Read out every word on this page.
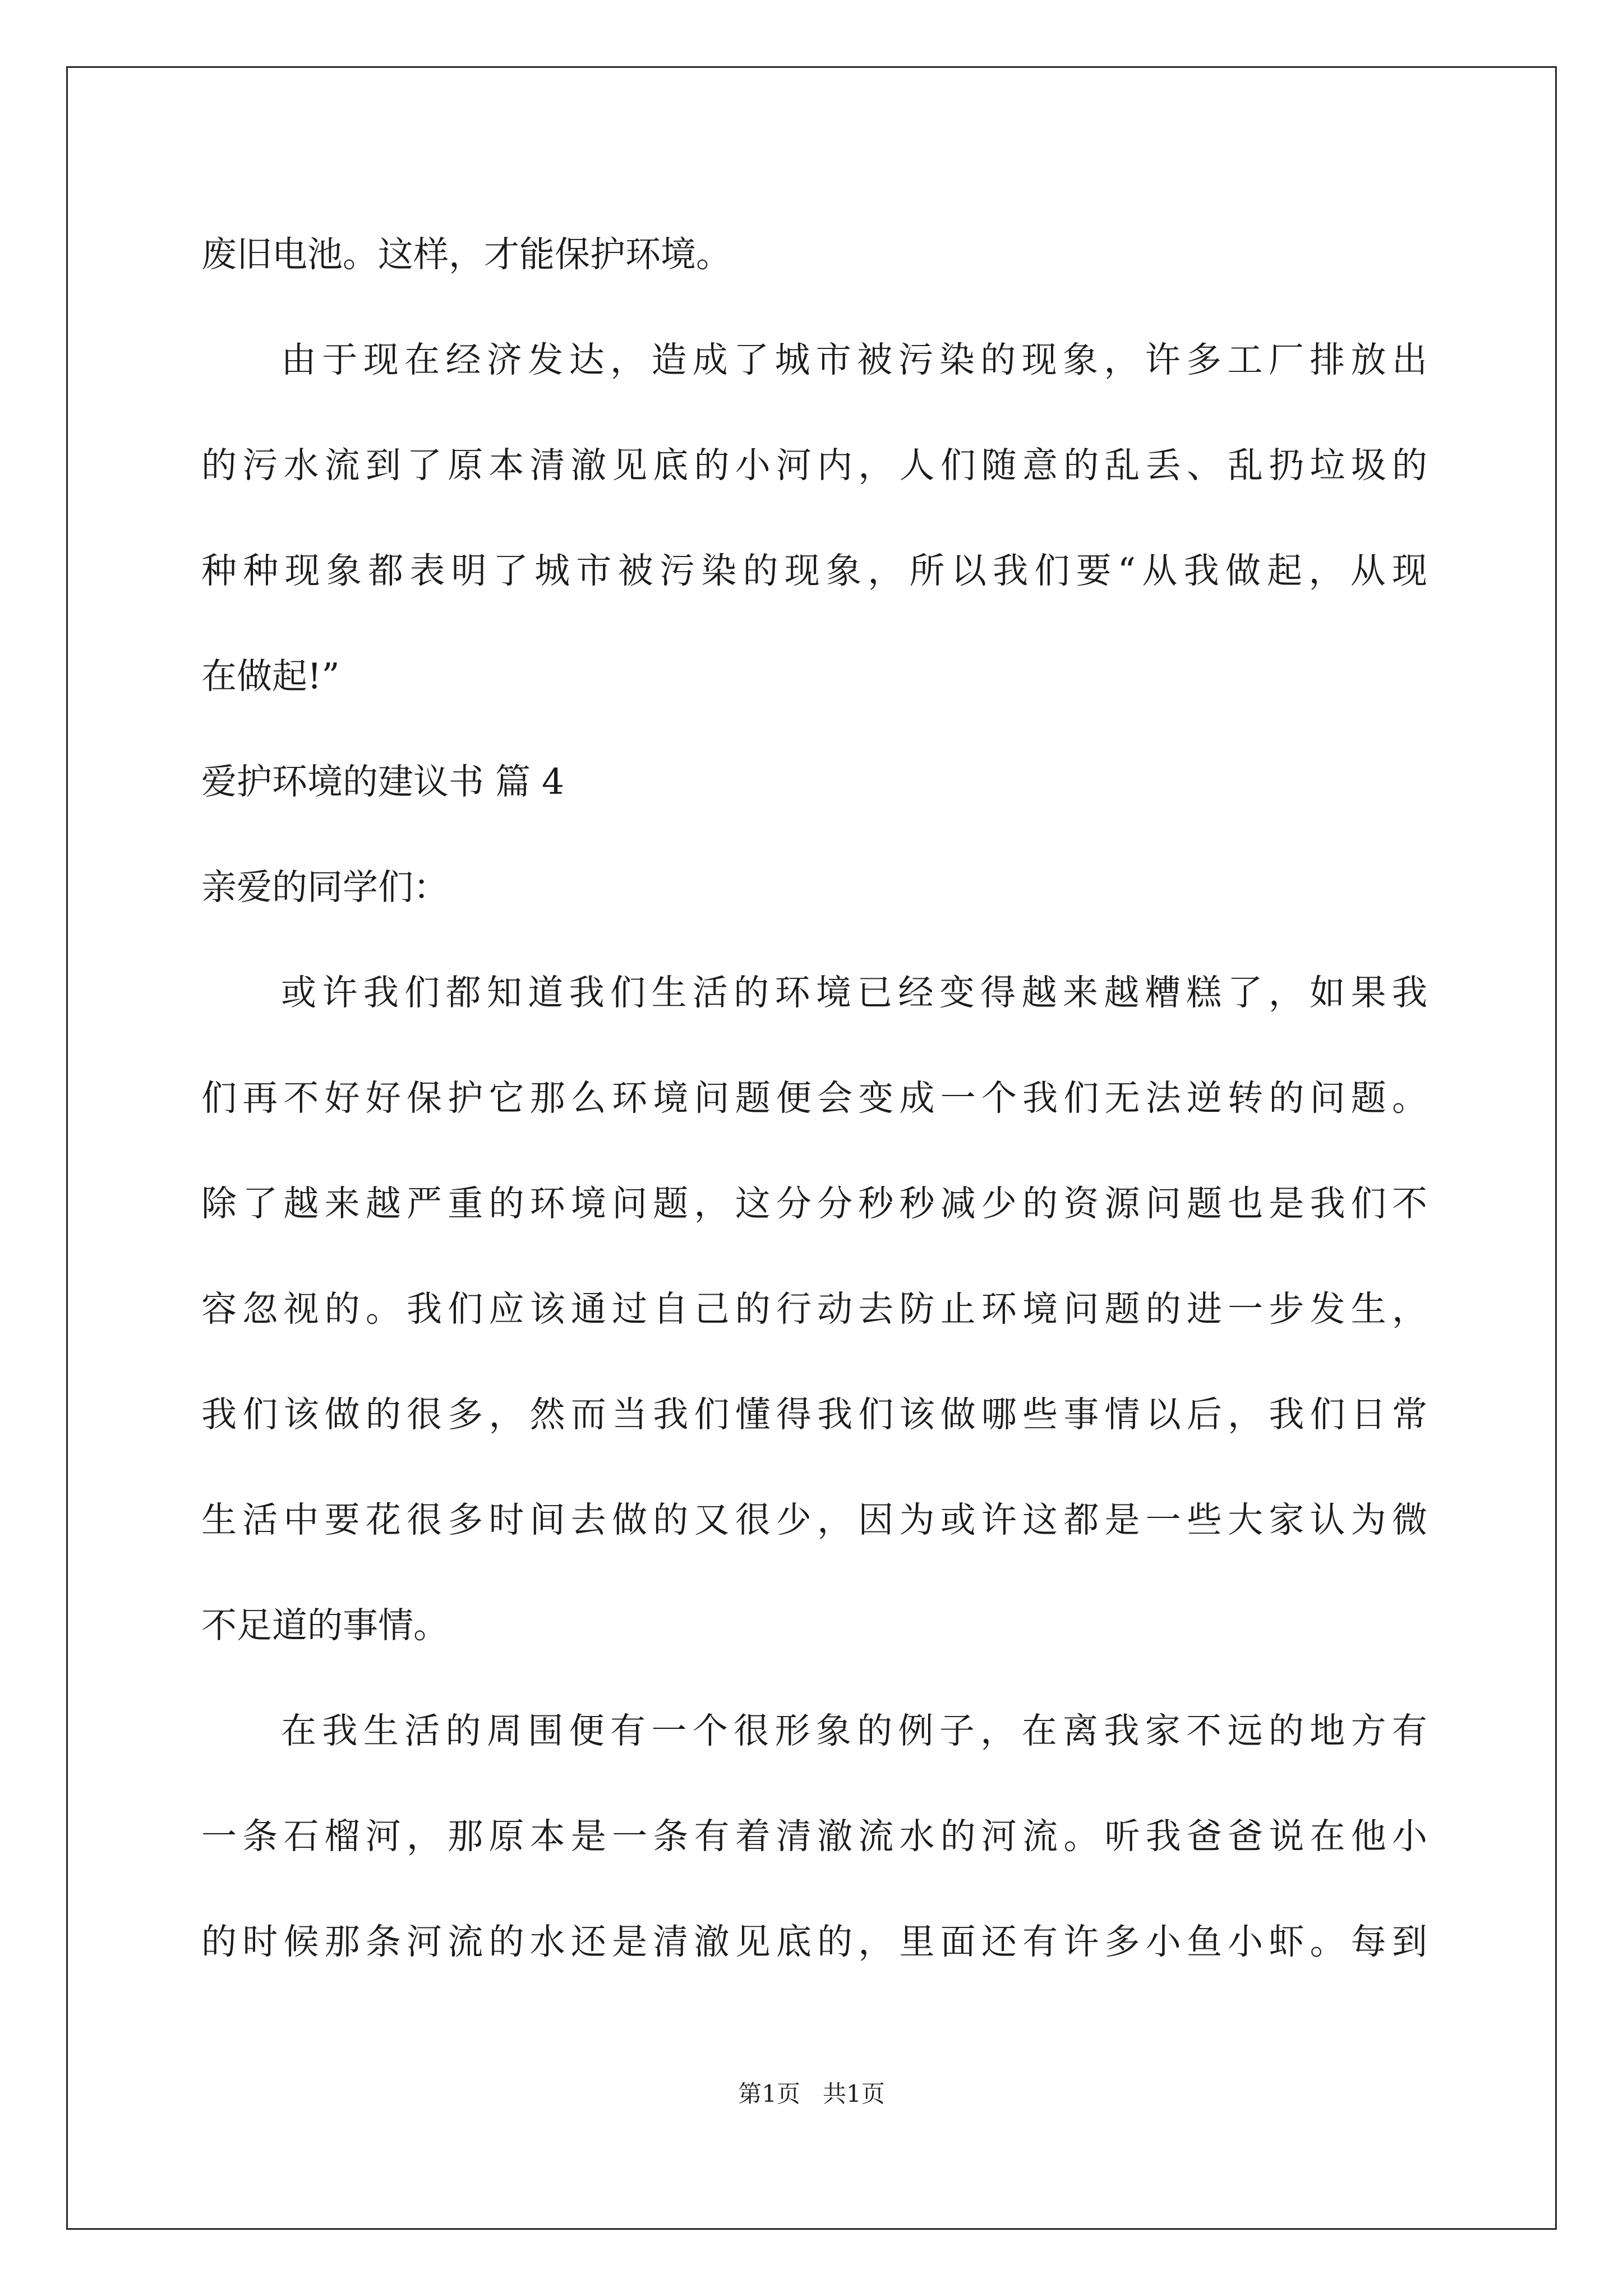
废旧电池。这样，才能保护环境。
由于现在经济发达，造成了城市被污染的现象，许多工厂排放出
的污水流到了原本清澈见底的小河内，人们随意的乱丢、乱扔垃圾的
种种现象都表明了城市被污染的现象，所以我们要“从我做起，从现
在做起!”
爱护环境的建议书 篇 4
亲爱的同学们：
或许我们都知道我们生活的环境已经变得越来越糟糕了，如果我
们再不好好保护它那么环境问题便会变成一个我们无法逆转的问题。
除了越来越严重的环境问题，这分分秒秒减少的资源问题也是我们不
容忽视的。我们应该通过自己的行动去防止环境问题的进一步发生，
我们该做的很多，然而当我们懂得我们该做哪些事情以后，我们日常
生活中要花很多时间去做的又很少，因为或许这都是一些大家认为微
不足道的事情。
在我生活的周围便有一个很形象的例子，在离我家不远的地方有
一条石榴河，那原本是一条有着清澈流水的河流。听我爸爸说在他小
的时候那条河流的水还是清澈见底的，里面还有许多小鱼小虾。每到
第1页 共1页
